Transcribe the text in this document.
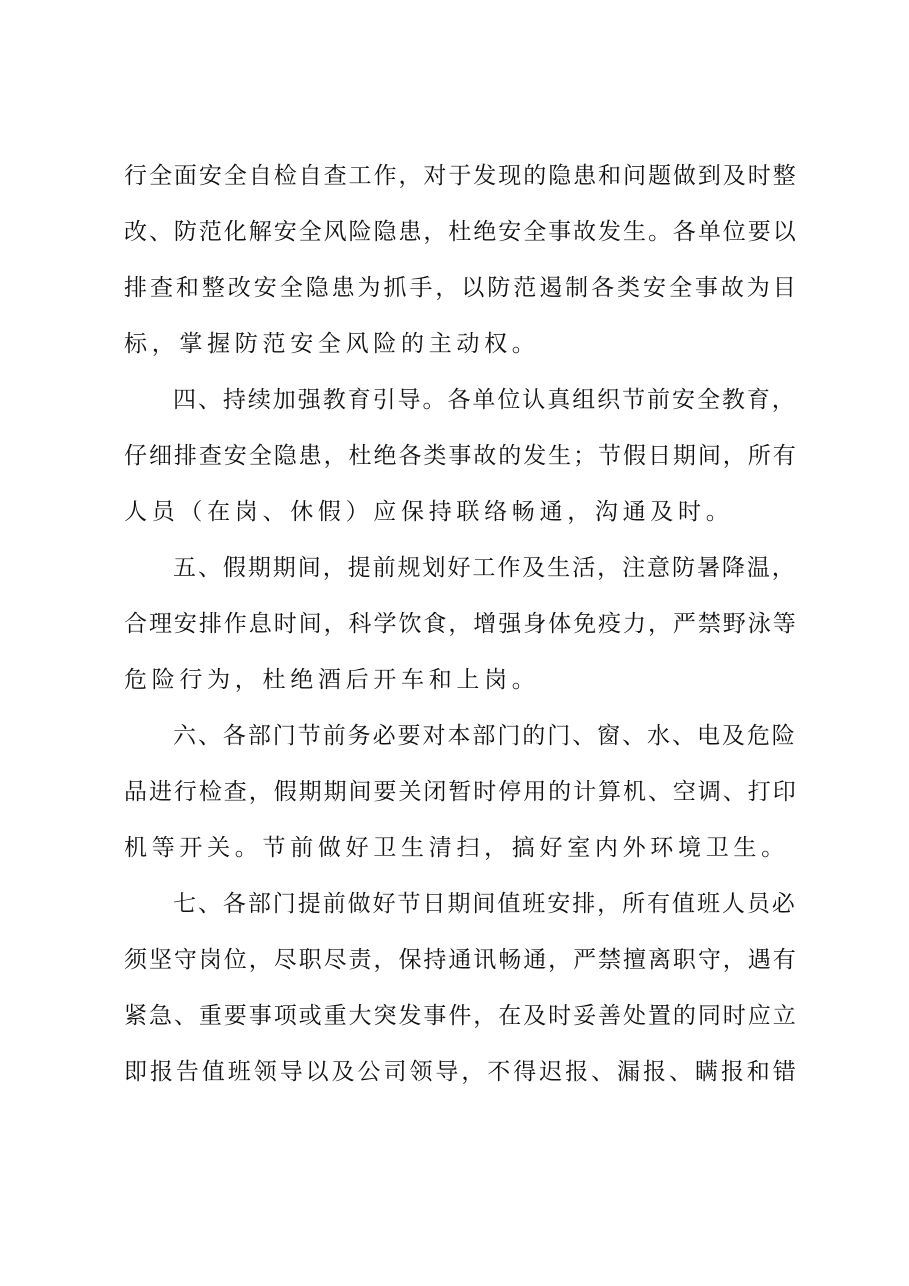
行全面安全自检自查工作，对于发现的隐患和问题做到及时整
改、防范化解安全风险隐患，杜绝安全事故发生。各单位要以
排查和整改安全隐患为抓手，以防范遏制各类安全事故为目
标，掌握防范安全风险的主动权。
四、持续加强教育引导。各单位认真组织节前安全教育，
仔细排查安全隐患，杜绝各类事故的发生；节假日期间，所有
人员（在岗、休假）应保持联络畅通，沟通及时。
五、假期期间，提前规划好工作及生活，注意防暑降温，
合理安排作息时间，科学饮食，增强身体免疫力，严禁野泳等
危险行为，杜绝酒后开车和上岗。
六、各部门节前务必要对本部门的门、窗、水、电及危险
品进行检查，假期期间要关闭暂时停用的计算机、空调、打印
机等开关。节前做好卫生清扫，搞好室内外环境卫生。
七、各部门提前做好节日期间值班安排，所有值班人员必
须坚守岗位，尽职尽责，保持通讯畅通，严禁擅离职守，遇有
紧急、重要事项或重大突发事件，在及时妥善处置的同时应立
即报告值班领导以及公司领导，不得迟报、漏报、瞒报和错
